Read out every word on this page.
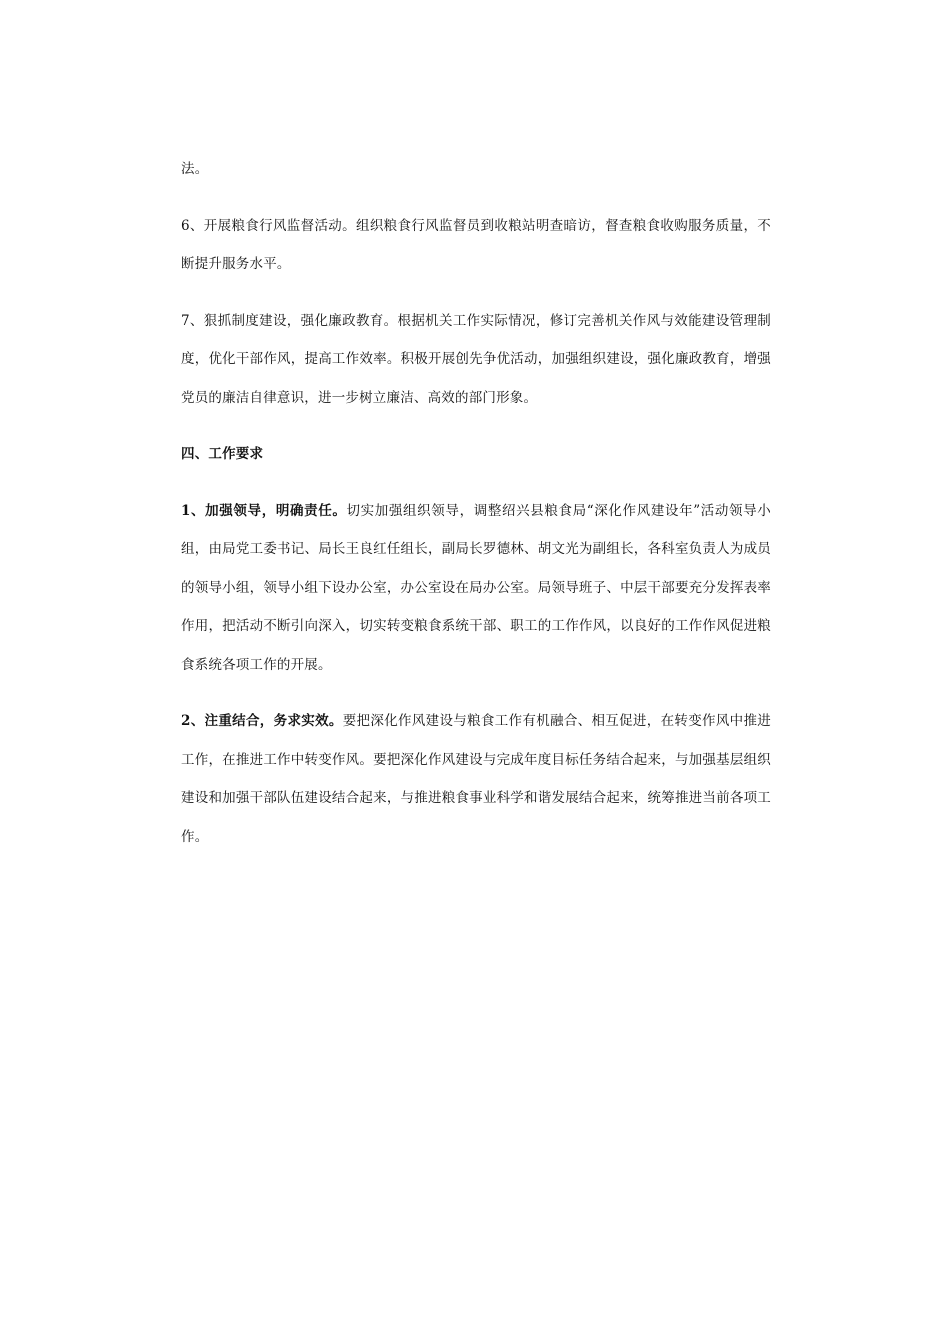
法。

6、开展粮食行风监督活动。组织粮食行风监督员到收粮站明查暗访，督查粮食收购服务质量，不断提升服务水平。

7、狠抓制度建设，强化廉政教育。根据机关工作实际情况，修订完善机关作风与效能建设管理制度，优化干部作风，提高工作效率。积极开展创先争优活动，加强组织建设，强化廉政教育，增强党员的廉洁自律意识，进一步树立廉洁、高效的部门形象。

四、工作要求

1、加强领导，明确责任。切实加强组织领导，调整绍兴县粮食局“深化作风建设年”活动领导小组，由局党工委书记、局长王良红任组长，副局长罗德林、胡文光为副组长，各科室负责人为成员的领导小组，领导小组下设办公室，办公室设在局办公室。局领导班子、中层干部要充分发挥表率作用，把活动不断引向深入，切实转变粮食系统干部、职工的工作作风，以良好的工作作风促进粮食系统各项工作的开展。

2、注重结合，务求实效。要把深化作风建设与粮食工作有机融合、相互促进，在转变作风中推进工作，在推进工作中转变作风。要把深化作风建设与完成年度目标任务结合起来，与加强基层组织建设和加强干部队伍建设结合起来，与推进粮食事业科学和谐发展结合起来，统筹推进当前各项工作。
